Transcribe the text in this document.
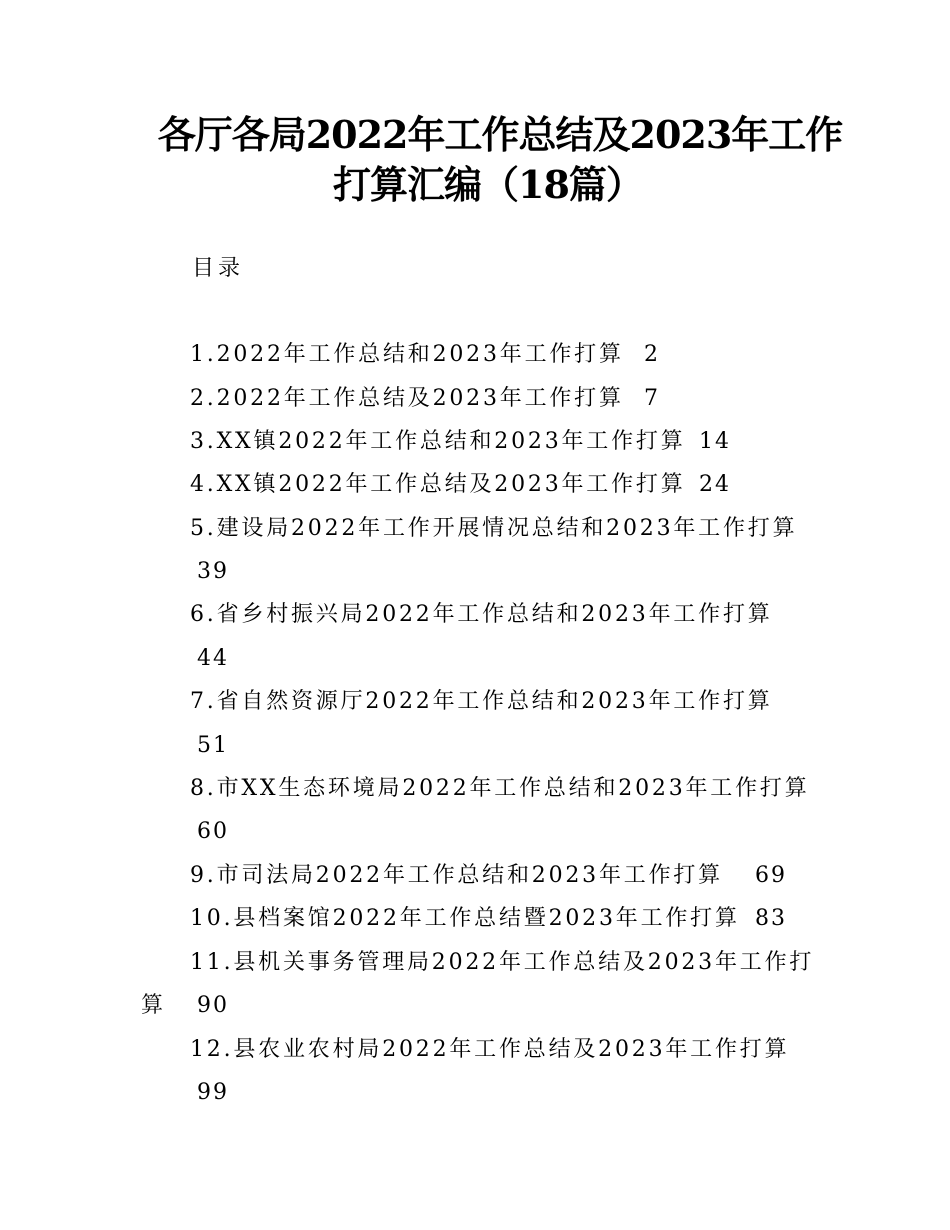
各厅各局2022年工作总结及2023年工作
打算汇编（18篇）
目录
1.2022年工作总结和2023年工作打算 2
2.2022年工作总结及2023年工作打算 7
3.XX镇2022年工作总结和2023年工作打算 14
4.XX镇2022年工作总结及2023年工作打算 24
5.建设局2022年工作开展情况总结和2023年工作打算
39
6.省乡村振兴局2022年工作总结和2023年工作打算
44
7.省自然资源厅2022年工作总结和2023年工作打算
51
8.市XX生态环境局2022年工作总结和2023年工作打算
60
9.市司法局2022年工作总结和2023年工作打算 69
10.县档案馆2022年工作总结暨2023年工作打算 83
11.县机关事务管理局2022年工作总结及2023年工作打
算 90
12.县农业农村局2022年工作总结及2023年工作打算
99
